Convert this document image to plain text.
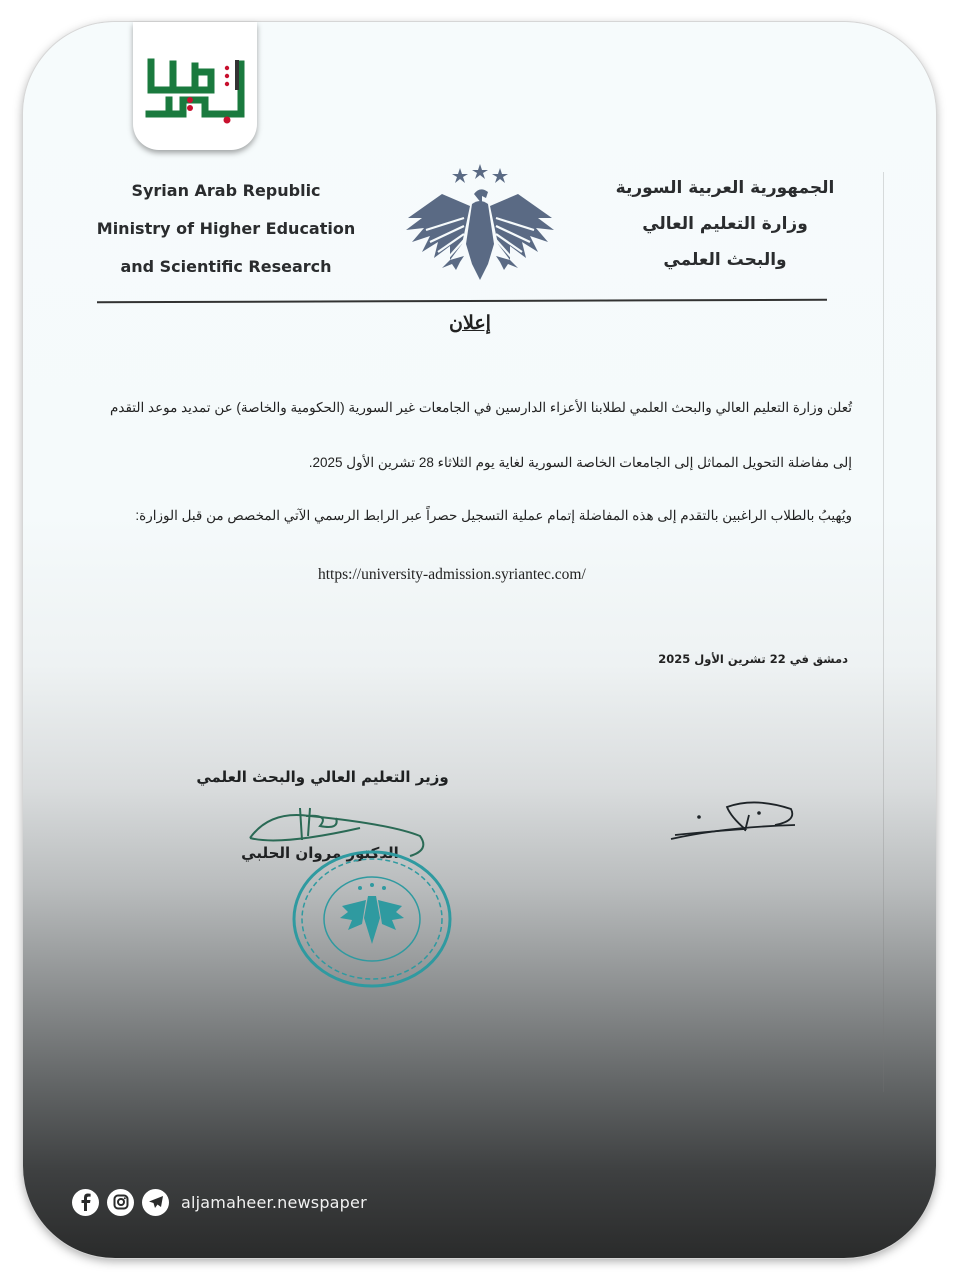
Syrian Arab Republic
Ministry of Higher Education
and Scientific Research
الجمهورية العربية السورية
وزارة التعليم العالي
والبحث العلمي
إعلان
تُعلن وزارة التعليم العالي والبحث العلمي لطلابنا الأعزاء الدارسين في الجامعات غير السورية (الحكومية والخاصة) عن تمديد موعد التقدم
إلى مفاضلة التحويل المماثل إلى الجامعات الخاصة السورية لغاية يوم الثلاثاء 28 تشرين الأول 2025.
ويُهيبُ بالطلاب الراغبين بالتقدم إلى هذه المفاضلة إتمام عملية التسجيل حصراً عبر الرابط الرسمي الآتي المخصص من قبل الوزارة:
https://university-admission.syriantec.com/
دمشق في 22 تشرين الأول 2025
وزير التعليم العالي والبحث العلمي
الدكتور مروان الحلبي
aljamaheer.newspaper
